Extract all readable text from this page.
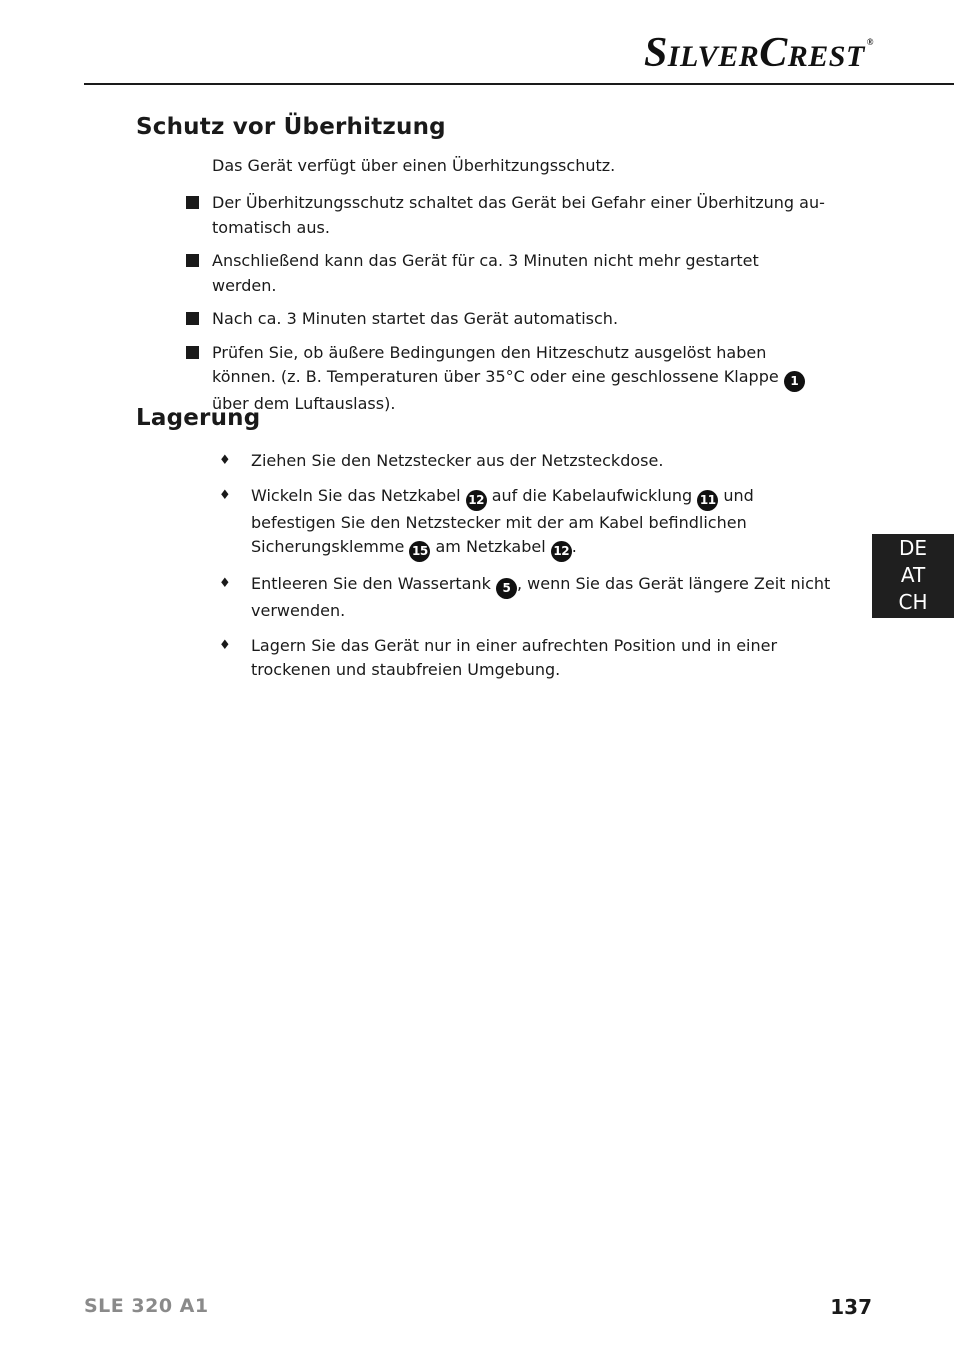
SILVERCREST ®
Schutz vor Überhitzung

Das Gerät verfügt über einen Überhitzungsschutz.

Der Überhitzungsschutz schaltet das Gerät bei Gefahr einer Überhitzung au-tomatisch aus.
Anschließend kann das Gerät für ca. 3 Minuten nicht mehr gestartet werden.
Nach ca. 3 Minuten startet das Gerät automatisch.
Prüfen Sie, ob äußere Bedingungen den Hitzeschutz ausgelöst haben können. (z. B. Temperaturen über 35°C oder eine geschlossene Klappe 1 über dem Luftauslass).
Lagerung
♦ Ziehen Sie den Netzstecker aus der Netzsteckdose.
♦ Wickeln Sie das Netzkabel 12 auf die Kabelaufwicklung 11 und befestigen Sie den Netzstecker mit der am Kabel befindlichen Sicherungsklemme 15 am Netzkabel 12 .
♦ Entleeren Sie den Wassertank 5 , wenn Sie das Gerät längere Zeit nicht verwenden.
♦ Lagern Sie das Gerät nur in einer aufrechten Position und in einer trockenen und staubfreien Umgebung.
DE
AT
CH
SLE 320 A1	137
